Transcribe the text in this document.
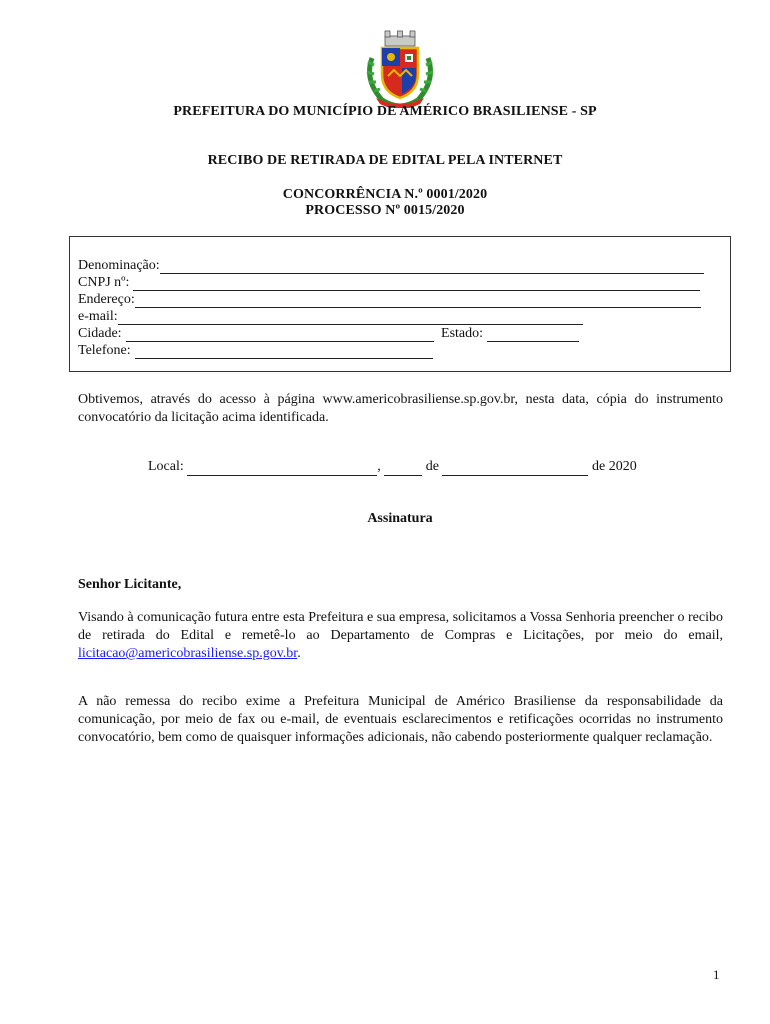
PREFEITURA DO MUNICÍPIO DE AMÉRICO BRASILIENSE - SP
RECIBO DE RETIRADA DE EDITAL PELA INTERNET
CONCORRÊNCIA N.º 0001/2020
PROCESSO Nº 0015/2020
Denominação:
CNPJ nº:
Endereço:
e-mail:
Cidade:	Estado:
Telefone:
Obtivemos, através do acesso à página www.americobrasiliense.sp.gov.br, nesta data, cópia do instrumento convocatório da licitação acima identificada.
Local:	,	de	de 2020
Assinatura
Senhor Licitante,
Visando à comunicação futura entre esta Prefeitura e sua empresa, solicitamos a Vossa Senhoria preencher o recibo de retirada do Edital e remetê-lo ao Departamento de Compras e Licitações, por meio do email, licitacao@americobrasiliense.sp.gov.br.
A não remessa do recibo exime a Prefeitura Municipal de Américo Brasiliense da responsabilidade da comunicação, por meio de fax ou e-mail, de eventuais esclarecimentos e retificações ocorridas no instrumento convocatório, bem como de quaisquer informações adicionais, não cabendo posteriormente qualquer reclamação.
1
